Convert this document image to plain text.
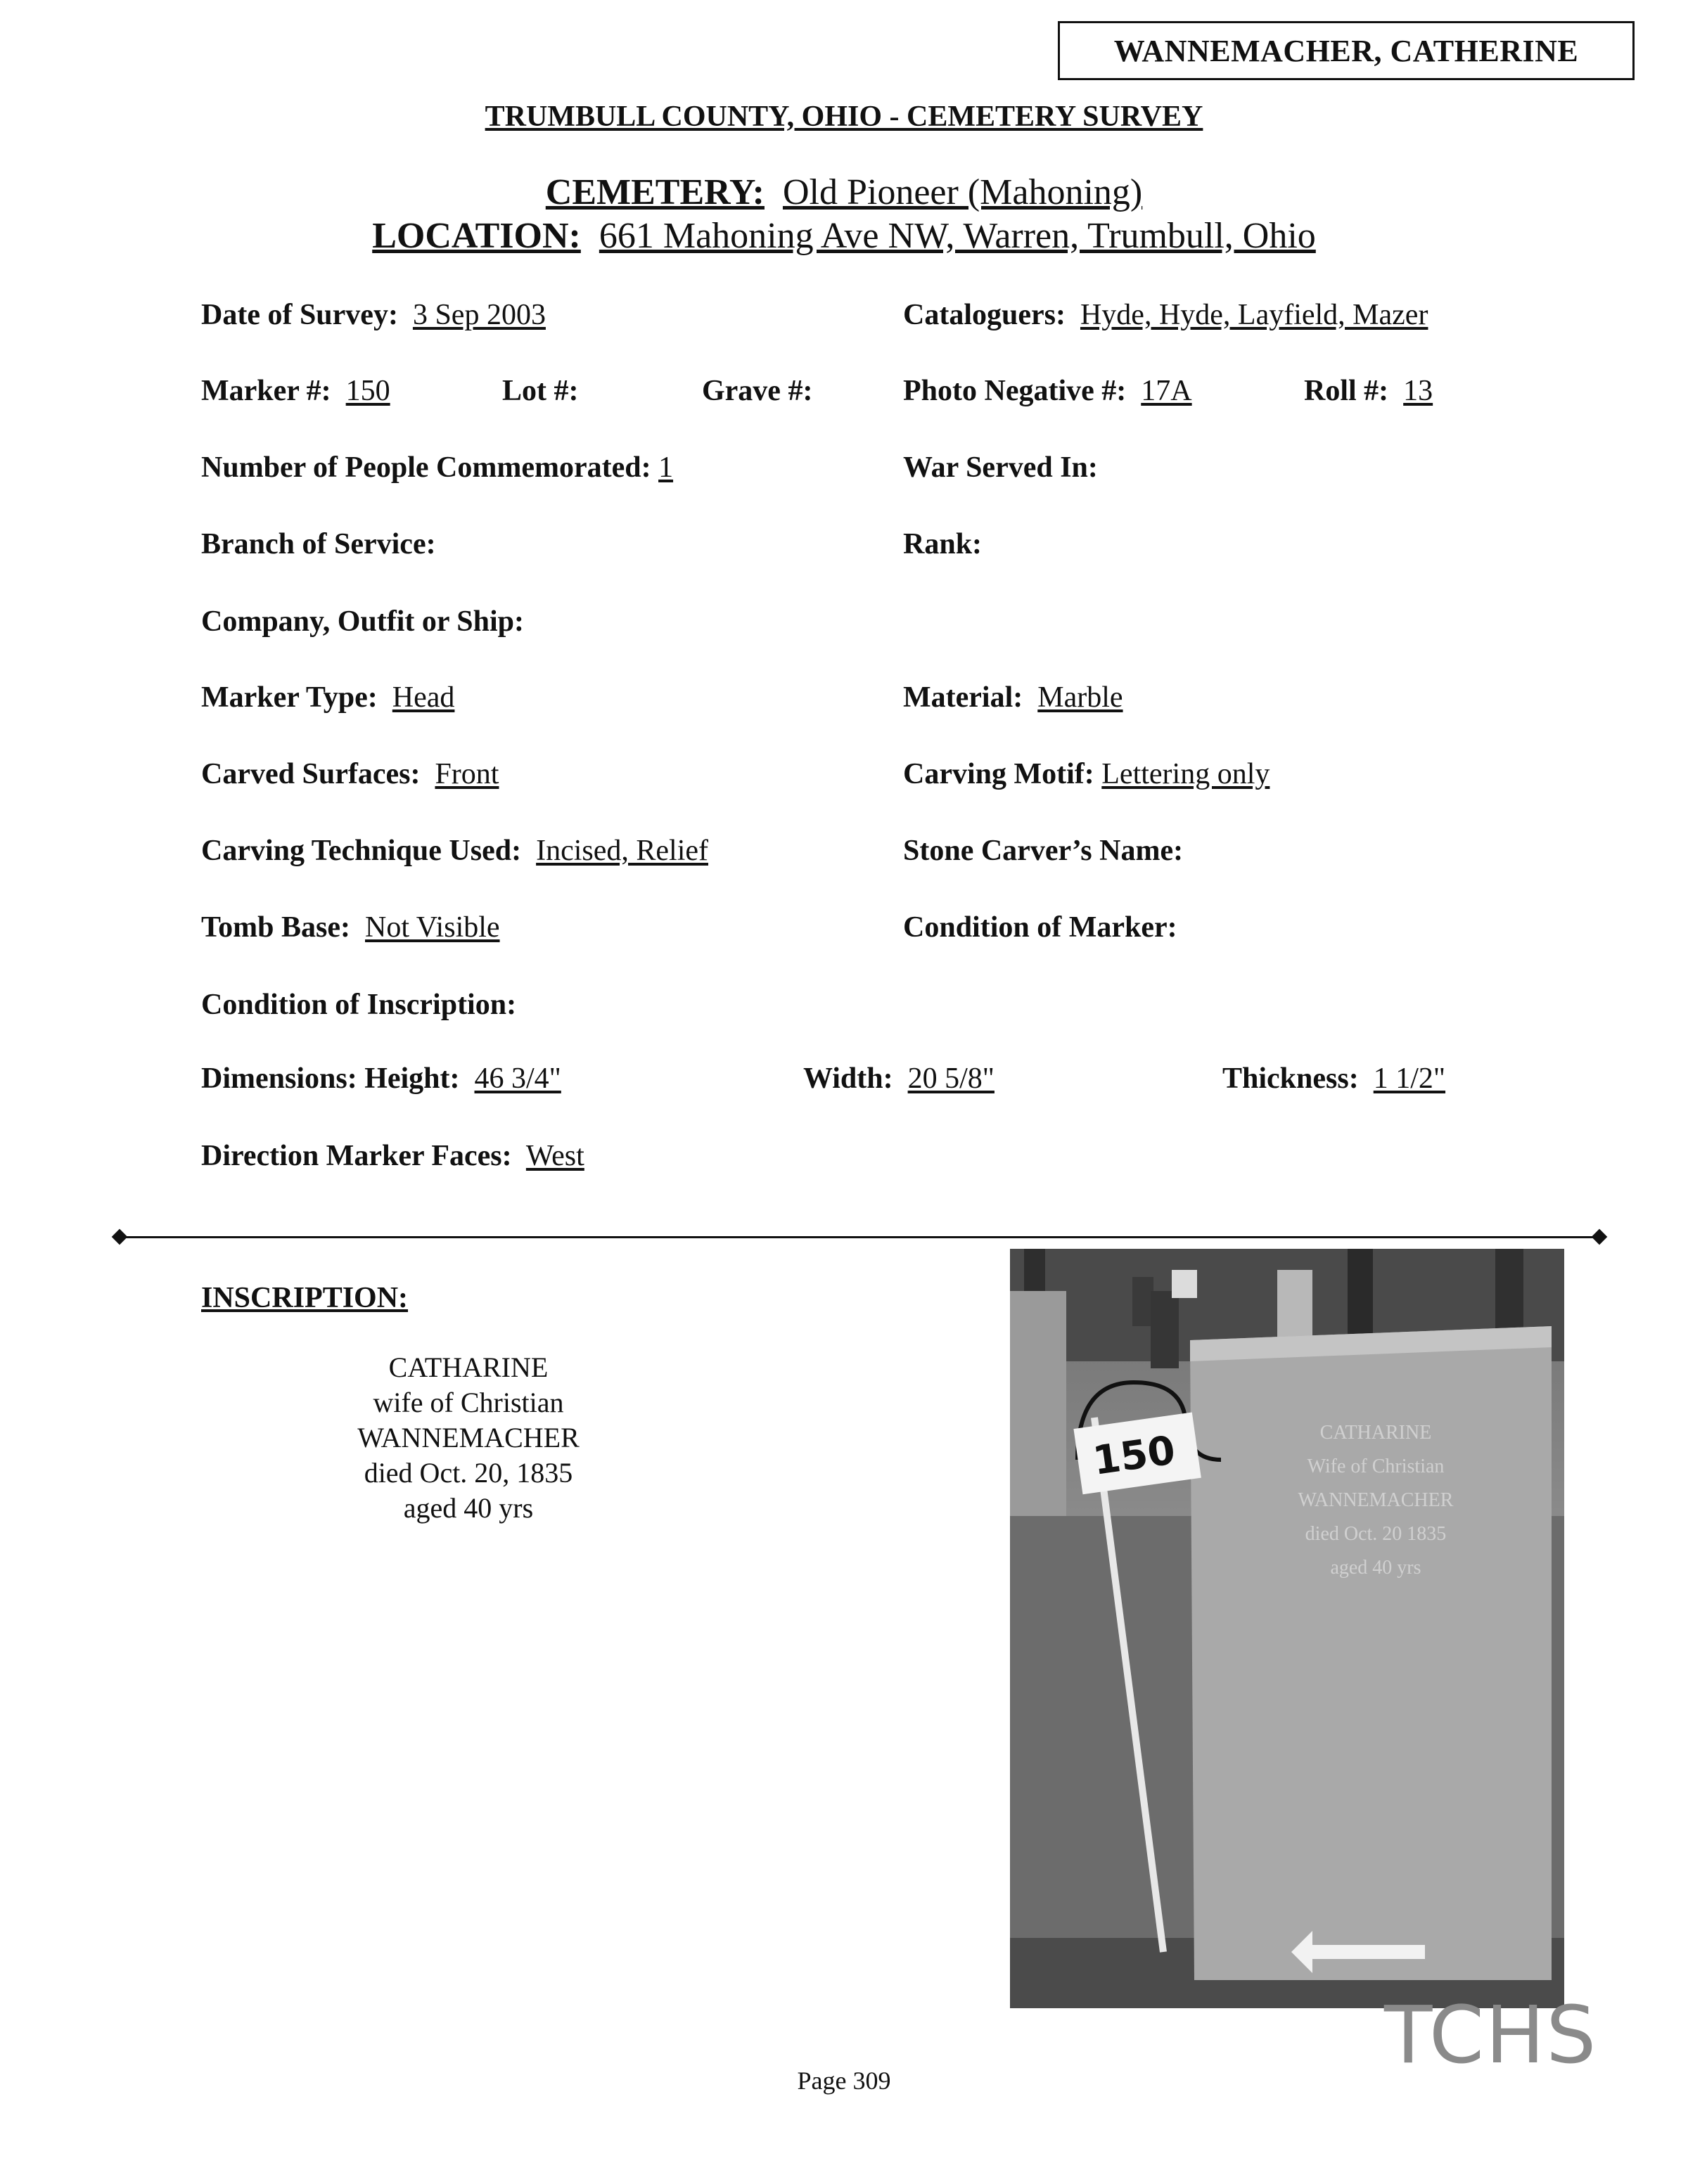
WANNEMACHER, CATHERINE
TRUMBULL COUNTY, OHIO - CEMETERY SURVEY
CEMETERY: Old Pioneer (Mahoning)
LOCATION: 661 Mahoning Ave NW, Warren, Trumbull, Ohio
Date of Survey: 3 Sep 2003	Cataloguers: Hyde, Hyde, Layfield, Mazer
Marker #: 150	Lot #:	Grave #:	Photo Negative #: 17A	Roll #: 13
Number of People Commemorated: 1	War Served In:
Branch of Service:	Rank:
Company, Outfit or Ship:
Marker Type: Head	Material: Marble
Carved Surfaces: Front	Carving Motif: Lettering only
Carving Technique Used: Incised, Relief	Stone Carver’s Name:
Tomb Base: Not Visible	Condition of Marker:
Condition of Inscription:
Dimensions: Height: 46 3/4"	Width: 20 5/8"	Thickness: 1 1/2"
Direction Marker Faces: West
INSCRIPTION:
CATHARINE
wife of Christian
WANNEMACHER
died Oct. 20, 1835
aged 40 yrs
150	CATHARINE
Wife of Christian
WANNEMACHER
died Oct. 20 1835
aged 40 yrs
TCHS
Page 309
